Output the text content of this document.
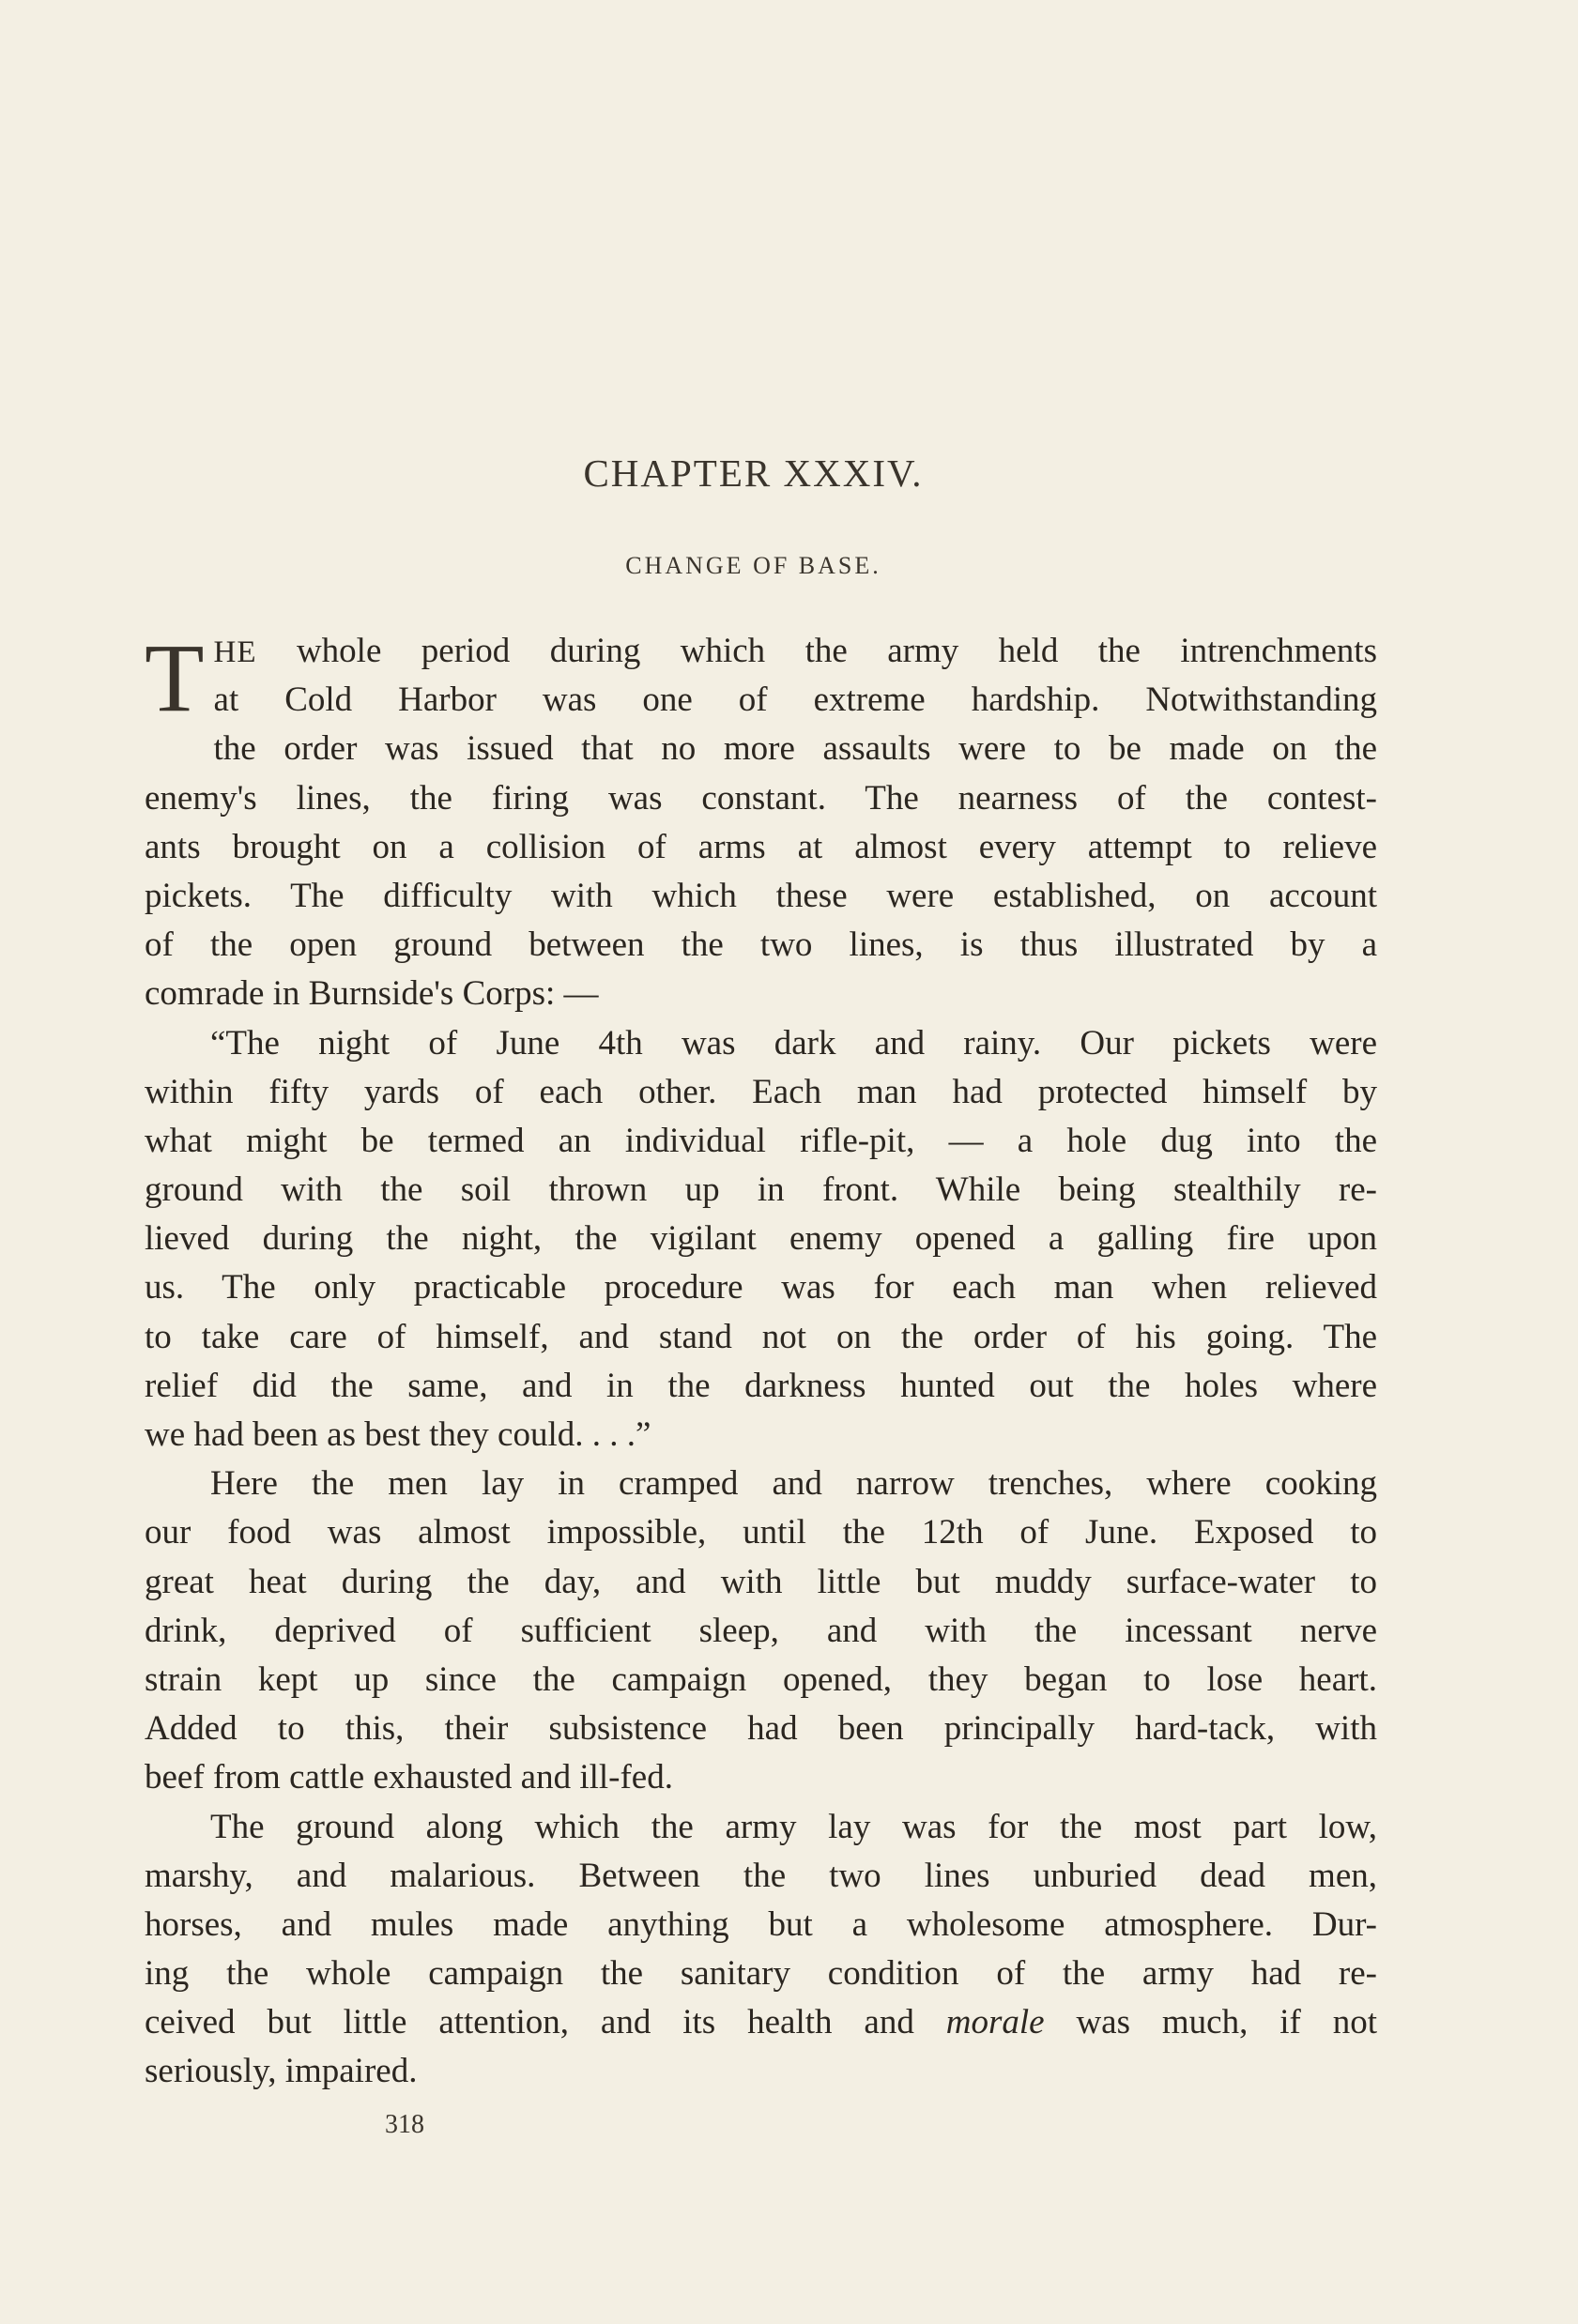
CHAPTER XXXIV.
CHANGE OF BASE.
T HE whole period during which the army held the intrenchments
at Cold Harbor was one of extreme hardship. Notwithstanding
the order was issued that no more assaults were to be made on the
enemy's lines, the firing was constant. The nearness of the contest-
ants brought on a collision of arms at almost every attempt to relieve
pickets. The difficulty with which these were established, on account
of the open ground between the two lines, is thus illustrated by a
comrade in Burnside's Corps: —
“The night of June 4th was dark and rainy. Our pickets were
within fifty yards of each other. Each man had protected himself by
what might be termed an individual rifle-pit, — a hole dug into the
ground with the soil thrown up in front. While being stealthily re-
lieved during the night, the vigilant enemy opened a galling fire upon
us. The only practicable procedure was for each man when relieved
to take care of himself, and stand not on the order of his going. The
relief did the same, and in the darkness hunted out the holes where
we had been as best they could. . . .”
Here the men lay in cramped and narrow trenches, where cooking
our food was almost impossible, until the 12th of June. Exposed to
great heat during the day, and with little but muddy surface-water to
drink, deprived of sufficient sleep, and with the incessant nerve
strain kept up since the campaign opened, they began to lose heart.
Added to this, their subsistence had been principally hard-tack, with
beef from cattle exhausted and ill-fed.
The ground along which the army lay was for the most part low,
marshy, and malarious. Between the two lines unburied dead men,
horses, and mules made anything but a wholesome atmosphere. Dur-
ing the whole campaign the sanitary condition of the army had re-
ceived but little attention, and its health and morale was much, if not
seriously, impaired.
318
